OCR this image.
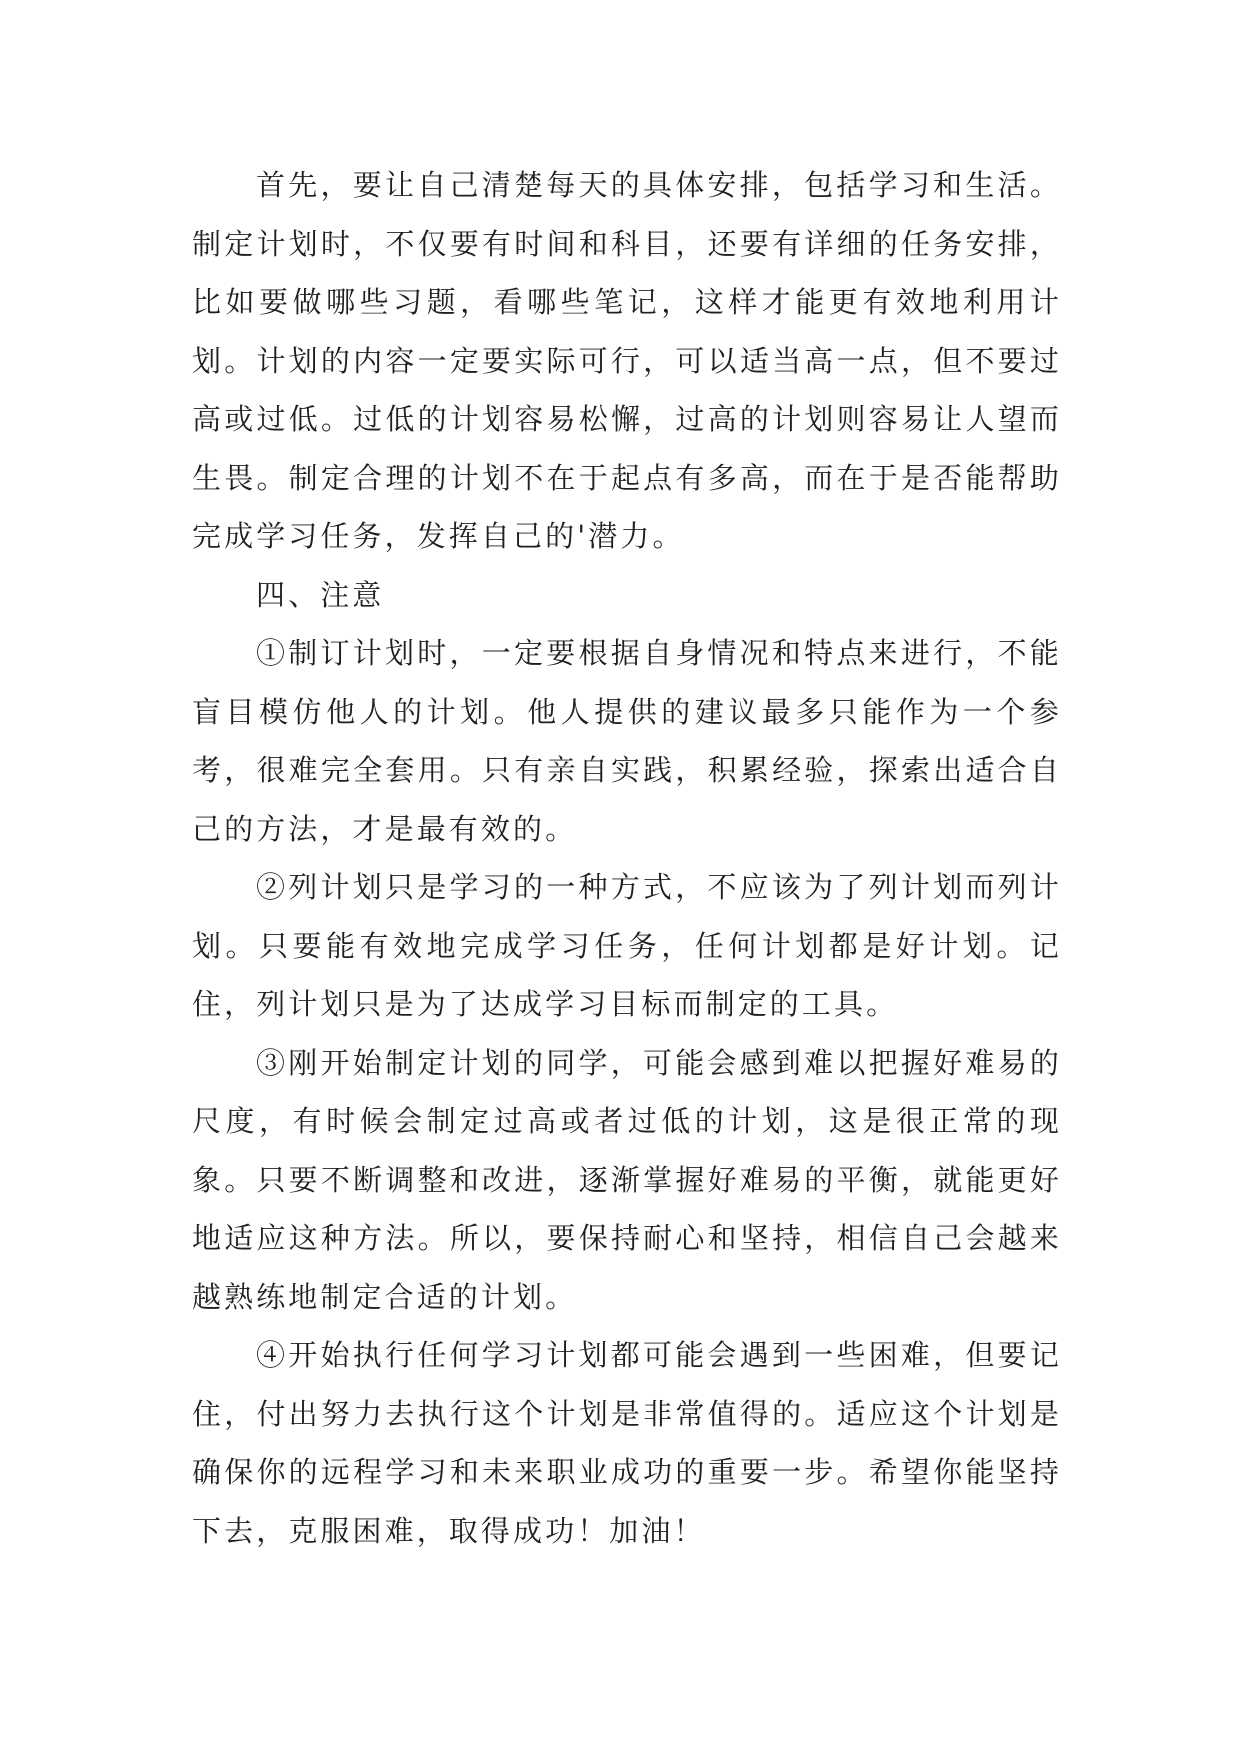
首先，要让自己清楚每天的具体安排，包括学习和生活。制定计划时，不仅要有时间和科目，还要有详细的任务安排，比如要做哪些习题，看哪些笔记，这样才能更有效地利用计划。计划的内容一定要实际可行，可以适当高一点，但不要过高或过低。过低的计划容易松懈，过高的计划则容易让人望而生畏。制定合理的计划不在于起点有多高，而在于是否能帮助完成学习任务，发挥自己的'潜力。

四、注意

①制订计划时，一定要根据自身情况和特点来进行，不能盲目模仿他人的计划。他人提供的建议最多只能作为一个参考，很难完全套用。只有亲自实践，积累经验，探索出适合自己的方法，才是最有效的。

②列计划只是学习的一种方式，不应该为了列计划而列计划。只要能有效地完成学习任务，任何计划都是好计划。记住，列计划只是为了达成学习目标而制定的工具。

③刚开始制定计划的同学，可能会感到难以把握好难易的尺度，有时候会制定过高或者过低的计划，这是很正常的现象。只要不断调整和改进，逐渐掌握好难易的平衡，就能更好地适应这种方法。所以，要保持耐心和坚持，相信自己会越来越熟练地制定合适的计划。

④开始执行任何学习计划都可能会遇到一些困难，但要记住，付出努力去执行这个计划是非常值得的。适应这个计划是确保你的远程学习和未来职业成功的重要一步。希望你能坚持下去，克服困难，取得成功！加油！
